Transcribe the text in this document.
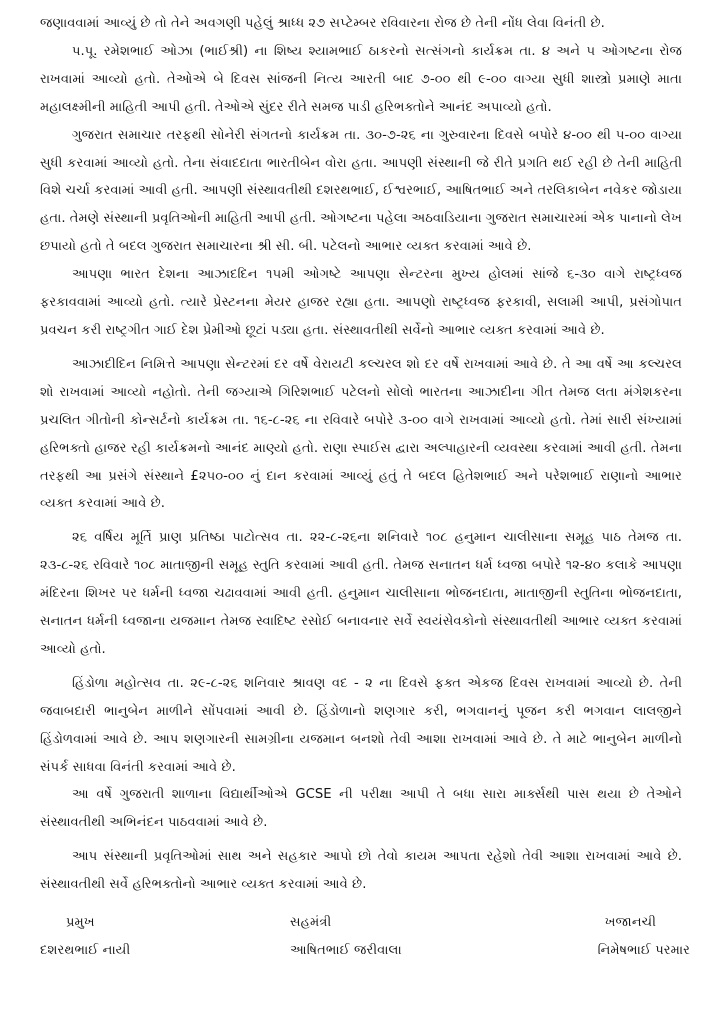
જણાવવામાં આવ્યું છે તો તેને અવગણી પહેલું શ્રાધ્ધ ૨૭ સપ્ટેમ્બર રવિવારના રોજ છે તેની નોંધ લેવા વિનંતી છે.

પ.પૂ. રમેશભાઈ ઓઝા (ભાઈશ્રી) ના શિષ્ય શ્યામભાઈ ઠાકરનો સત્સંગનો કાર્યક્રમ તા. ૪ અને ૫ ઓગષ્ટના રોજ રાખવામાં આવ્યો હતો. તેઓએ બે દિવસ સાંજની નિત્ય આરતી બાદ ૭-૦૦ થી ૯-૦૦ વાગ્યા સુધી શાસ્ત્રો પ્રમાણે માતા મહાલક્ષ્મીની માહિતી આપી હતી. તેઓએ સુંદર રીતે સમજ પાડી હરિભક્તોને આનંદ અપાવ્યો હતો.

ગુજરાત સમાચાર તરફથી સોનેરી સંગતનો કાર્યક્રમ તા. ૩૦-૭-૨૬ ના ગુરુવારના દિવસે બપોરે ૪-૦૦ થી ૫-૦૦ વાગ્યા સુધી કરવામાં આવ્યો હતો. તેના સંવાદદાતા ભારતીબેન વોરા હતા. આપણી સંસ્થાની જે રીતે પ્રગતિ થઈ રહી છે તેની માહિતી વિશે ચર્ચા કરવામાં આવી હતી. આપણી સંસ્થાવતીથી દશરથભાઈ, ઈશ્વરભાઈ, આષિતભાઈ અને તરલિકાબેન નવેકર જોડાયા હતા. તેમણે સંસ્થાની પ્રવૃતિઓની માહિતી આપી હતી. ઓગષ્ટના પહેલા અઠવાડિયાના ગુજરાત સમાચારમાં એક પાનાનો લેખ છપાયો હતો તે બદલ ગુજરાત સમાચારના શ્રી સી. બી. પટેલનો આભાર વ્યક્ત કરવામાં આવે છે.

આપણા ભારત દેશના આઝાદદિન ૧૫મી ઓગષ્ટે આપણા સેન્ટરના મુખ્ય હોલમાં સાંજે ૬-૩૦ વાગે રાષ્ટ્રધ્વજ ફરકાવવામાં આવ્યો હતો. ત્યારે પ્રેસ્ટનના મેયર હાજર રહ્યા હતા. આપણો રાષ્ટ્રધ્વજ ફરકાવી, સલામી આપી, પ્રસંગોપાત પ્રવચન કરી રાષ્ટ્રગીત ગાઈ દેશ પ્રેમીઓ છૂટાં પડ્યા હતા. સંસ્થાવતીથી સર્વેનો આભાર વ્યક્ત કરવામાં આવે છે.

આઝાદીદિન નિમિત્તે આપણા સેન્ટરમાં દર વર્ષે વેરાયટી કલ્ચરલ શો દર વર્ષે રાખવામાં આવે છે. તે આ વર્ષે આ કલ્ચરલ શો રાખવામાં આવ્યો નહોતો. તેની જગ્યાએ ગિરિશભાઈ પટેલનો સોલો ભારતના આઝાદીના ગીત તેમજ લતા મંગેશકરના પ્રચલિત ગીતોની કોન્સર્ટનો કાર્યક્રમ તા. ૧૬-૮-૨૬ ના રવિવારે બપોરે ૩-૦૦ વાગે રાખવામાં આવ્યો હતો. તેમાં સારી સંખ્યામાં હરિભક્તો હાજર રહી કાર્યક્રમનો આનંદ માણ્યો હતો. રાણા સ્પાઈસ દ્વારા અલ્પાહારની વ્યવસ્થા કરવામાં આવી હતી. તેમના તરફથી આ પ્રસંગે સંસ્થાને £૨૫૦-૦૦ નું દાન કરવામાં આવ્યું હતું તે બદલ હિતેશભાઈ અને પરેશભાઈ રાણાનો આભાર વ્યક્ત કરવામાં આવે છે.

૨૬ વર્ષિય મૂર્તિ પ્રાણ પ્રતિષ્ઠા પાટોત્સવ તા. ૨૨-૮-૨૬ના શનિવારે ૧૦૮ હનુમાન ચાલીસાના સમૂહ પાઠ તેમજ તા. ૨૩-૮-૨૬ રવિવારે ૧૦૮ માતાજીની સમૂહ સ્તુતિ કરવામાં આવી હતી. તેમજ સનાતન ધર્મ ધ્વજા બપોરે ૧૨-૪૦ કલાકે આપણા મંદિરના શિખર પર ધર્મની ધ્વજા ચઢાવવામાં આવી હતી. હનુમાન ચાલીસાના ભોજનદાતા, માતાજીની સ્તુતિના ભોજનદાતા, સનાતન ધર્મની ધ્વજાના યજમાન તેમજ સ્વાદિષ્ટ રસોઈ બનાવનાર સર્વે સ્વયંસેવકોનો સંસ્થાવતીથી આભાર વ્યક્ત કરવામાં આવ્યો હતો.

હિંડોળા મહોત્સવ તા. ૨૯-૮-૨૬ શનિવાર શ્રાવણ વદ - ૨ ના દિવસે ફક્ત એકજ દિવસ રાખવામાં આવ્યો છે. તેની જવાબદારી ભાનુબેન માળીને સોંપવામાં આવી છે. હિંડોળાનો શણગાર કરી, ભગવાનનું પૂજન કરી ભગવાન લાલજીને હિંડોળવામાં આવે છે. આપ શણગારની સામગ્રીના યજમાન બનશો તેવી આશા રાખવામાં આવે છે. તે માટે ભાનુબેન માળીનો સંપર્ક સાધવા વિનંતી કરવામાં આવે છે.

આ વર્ષે ગુજરાતી શાળાના વિદ્યાર્થીઓએ GCSE ની પરીક્ષા આપી તે બધા સારા માર્ક્સથી પાસ થયા છે તેઓને સંસ્થાવતીથી અભિનંદન પાઠવવામાં આવે છે.

આપ સંસ્થાની પ્રવૃતિઓમાં સાથ અને સહકાર આપો છો તેવો કાયમ આપતા રહેશો તેવી આશા રાખવામાં આવે છે. સંસ્થાવતીથી સર્વે હરિભક્તોનો આભાર વ્યક્ત કરવામાં આવે છે.

પ્રમુખ	સહમંત્રી	ખજાનચી
દશરથભાઈ નાયી	આષિતભાઈ જરીવાલા	નિમેષભાઈ પરમાર
